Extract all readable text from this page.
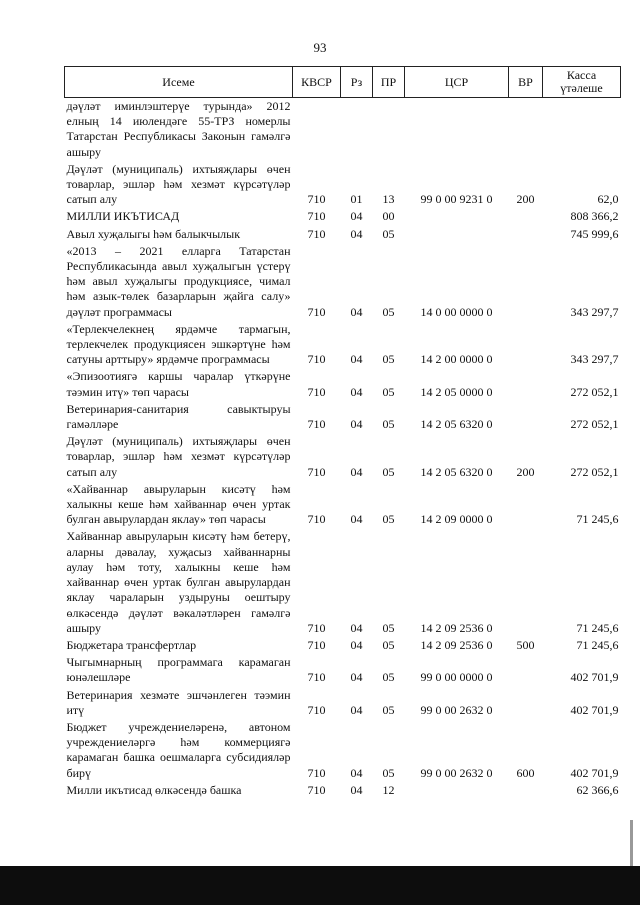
93
Исеме	КВСР	Рз	ПР	ЦСР	ВР	Касса үтәлеше
дәүләт иминлэштерүе турында» 2012 елның 14 июлендәге 55-ТРЗ номерлы Татарстан Республикасы Законын гамәлгә ашыру						
Дәүләт (муниципаль) ихтыяҗлары өчен товарлар, эшләр һәм хезмәт күрсәтүләр сатып алу	710	01	13	99 0 00 9231 0	200	62,0
МИЛЛИ ИКЪТИСАД	710	04	00			808 366,2
Авыл хуҗалыгы һәм балыкчылык	710	04	05			745 999,6
«2013 – 2021 елларга Татарстан Республикасында авыл хуҗалыгын үстерү һәм авыл хуҗалыгы продукциясе, чимал һәм азык-төлек базарларын җайга салу» дәүләт программасы	710	04	05	14 0 00 0000 0		343 297,7
«Терлекчелекнең ярдәмче тармагын, терлекчелек продукциясен эшкәртүне һәм сатуны арттыру» ярдәмче программасы	710	04	05	14 2 00 0000 0		343 297,7
«Эпизоотиягә каршы чаралар үткәрүне тәэмин итү» төп чарасы	710	04	05	14 2 05 0000 0		272 052,1
Ветеринария-санитария савыктыруы гамәлләре	710	04	05	14 2 05 6320 0		272 052,1
Дәүләт (муниципаль) ихтыяҗлары өчен товарлар, эшләр һәм хезмәт күрсәтүләр сатып алу	710	04	05	14 2 05 6320 0	200	272 052,1
«Хайваннар авыруларын кисәтү һәм халыкны кеше һәм хайваннар өчен уртак булган авырулардан яклау» төп чарасы	710	04	05	14 2 09 0000 0		71 245,6
Хайваннар авыруларын кисәтү һәм бетерү, аларны дәвалау, хуҗасыз хайваннарны аулау һәм тоту, халыкны кеше һәм хайваннар өчен уртак булган авырулардан яклау чараларын уздыруны оештыру өлкәсендә дәүләт вәкаләтләрен гамәлгә ашыру	710	04	05	14 2 09 2536 0		71 245,6
Бюджетара трансфертлар	710	04	05	14 2 09 2536 0	500	71 245,6
Чыгымнарның программага карамаган юнәлешләре	710	04	05	99 0 00 0000 0		402 701,9
Ветеринария хезмәте эшчәнлеген тәэмин итү	710	04	05	99 0 00 2632 0		402 701,9
Бюджет учреждениеләренә, автоном учреждениеләргә һәм коммерциягә карамаган башка оешмаларга субсидияләр бирү	710	04	05	99 0 00 2632 0	600	402 701,9
Милли икътисад өлкәсендә башка	710	04	12			62 366,6
